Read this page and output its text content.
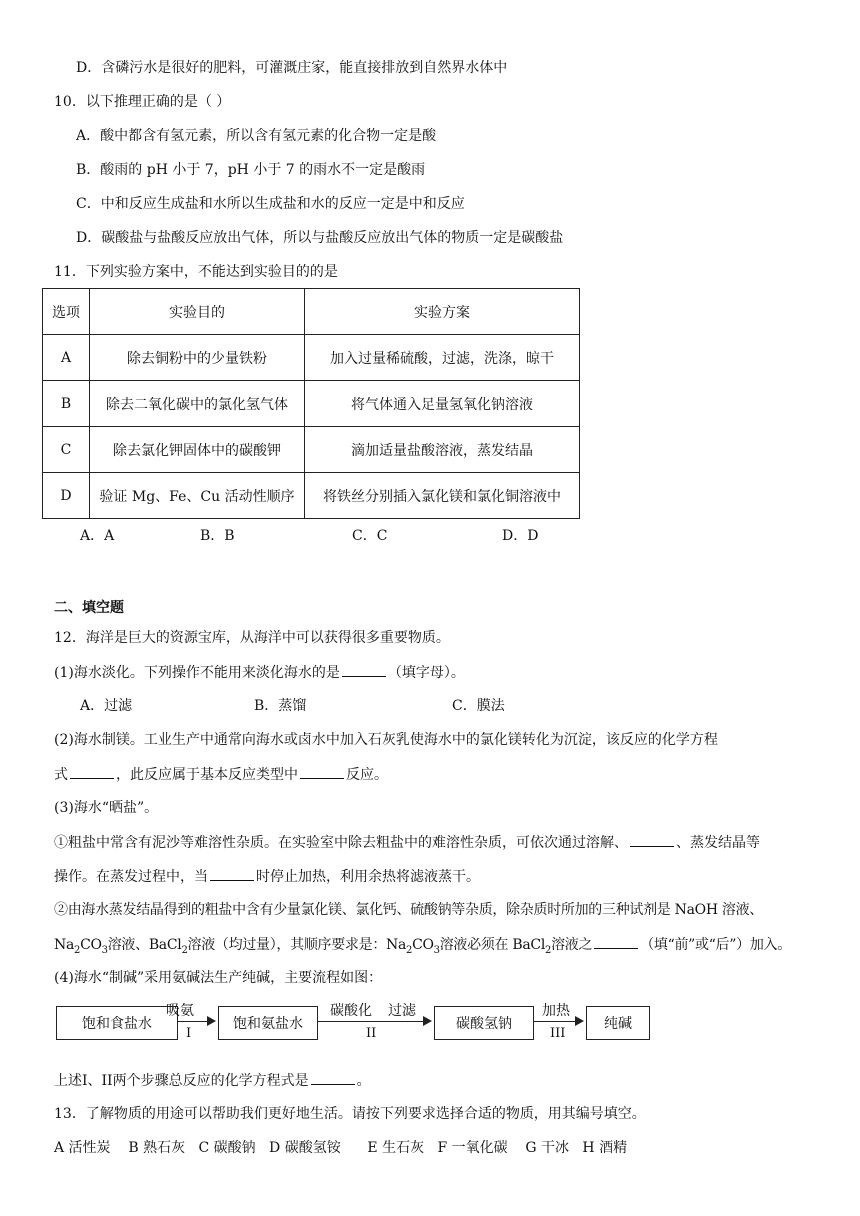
D．含磷污水是很好的肥料，可灌溉庄家，能直接排放到自然界水体中
10．以下推理正确的是（ ）
A．酸中都含有氢元素，所以含有氢元素的化合物一定是酸
B．酸雨的 pH 小于 7，pH 小于 7 的雨水不一定是酸雨
C．中和反应生成盐和水所以生成盐和水的反应一定是中和反应
D．碳酸盐与盐酸反应放出气体，所以与盐酸反应放出气体的物质一定是碳酸盐
11．下列实验方案中，不能达到实验目的的是
选项	实验目的	实验方案
A	除去铜粉中的少量铁粉	加入过量稀硫酸，过滤，洗涤，晾干
B	除去二氧化碳中的氯化氢气体	将气体通入足量氢氧化钠溶液
C	除去氯化钾固体中的碳酸钾	滴加适量盐酸溶液，蒸发结晶
D	验证 Mg、Fe、Cu 活动性顺序	将铁丝分别插入氯化镁和氯化铜溶液中
A．A	B．B	C．C	D．D
二、填空题
12．海洋是巨大的资源宝库，从海洋中可以获得很多重要物质。
(1)海水淡化。下列操作不能用来淡化海水的是	（填字母）。
A．过滤	B．蒸馏	C．膜法
(2)海水制镁。工业生产中通常向海水或卤水中加入石灰乳使海水中的氯化镁转化为沉淀，该反应的化学方程
式	，此反应属于基本反应类型中	反应。
(3)海水“晒盐”。
①粗盐中常含有泥沙等难溶性杂质。在实验室中除去粗盐中的难溶性杂质，可依次通过溶解、	、蒸发结晶等
操作。在蒸发过程中，当	时停止加热，利用余热将滤液蒸干。
②由海水蒸发结晶得到的粗盐中含有少量氯化镁、氯化钙、硫酸钠等杂质，除杂质时所加的三种试剂是 NaOH 溶液、
$Na_2CO_3$溶液、BaCl$_2$溶液（均过量），其顺序要求是：$Na_2CO_3$溶液必须在 BaCl$_2$溶液之	（填“前”或“后”）加入。
(4)海水“制碱”采用氨碱法生产纯碱，主要流程如图：
饱和食盐水
吸氨
I
饱和氨盐水
碳酸化 过滤
II
碳酸氢钠
加热
III
纯碱
上述I、II两个步骤总反应的化学方程式是	。
13．了解物质的用途可以帮助我们更好地生活。请按下列要求选择合适的物质，用其编号填空。
A 活性炭 B 熟石灰 C 碳酸钠 D 碳酸氢铵 E 生石灰 F 一氧化碳 G 干冰 H 酒精
